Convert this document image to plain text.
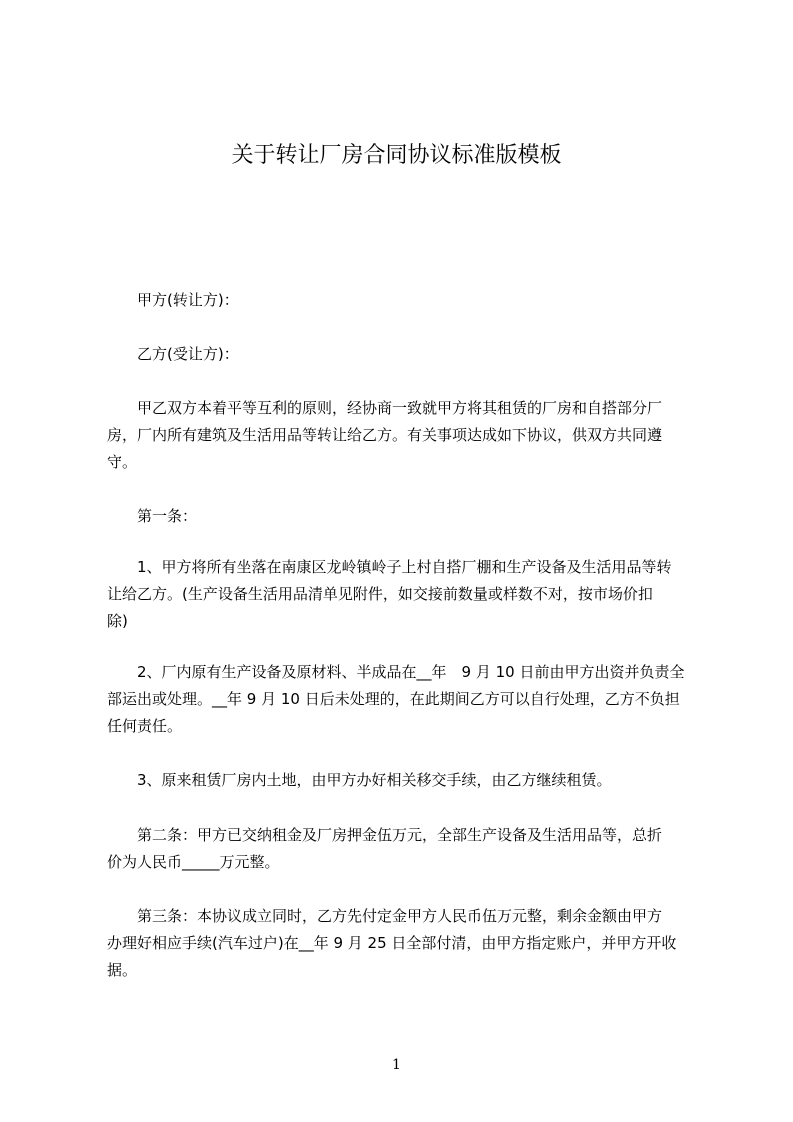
关于转让厂房合同协议标准版模板
甲方(转让方)：
乙方(受让方)：
甲乙双方本着平等互利的原则，经协商一致就甲方将其租赁的厂房和自搭部分厂
房，厂内所有建筑及生活用品等转让给乙方。有关事项达成如下协议，供双方共同遵
守。
第一条：
1、甲方将所有坐落在南康区龙岭镇岭子上村自搭厂棚和生产设备及生活用品等转
让给乙方。(生产设备生活用品清单见附件，如交接前数量或样数不对，按市场价扣
除)
2、厂内原有生产设备及原材料、半成品在__年　9 月 10 日前由甲方出资并负责全
部运出或处理。__年 9 月 10 日后未处理的，在此期间乙方可以自行处理，乙方不负担
任何责任。
3、原来租赁厂房内土地，由甲方办好相关移交手续，由乙方继续租赁。
第二条：甲方已交纳租金及厂房押金伍万元，全部生产设备及生活用品等，总折
价为人民币_____万元整。
第三条：本协议成立同时，乙方先付定金甲方人民币伍万元整，剩余金额由甲方
办理好相应手续(汽车过户)在__年 9 月 25 日全部付清，由甲方指定账户，并甲方开收
据。
1
